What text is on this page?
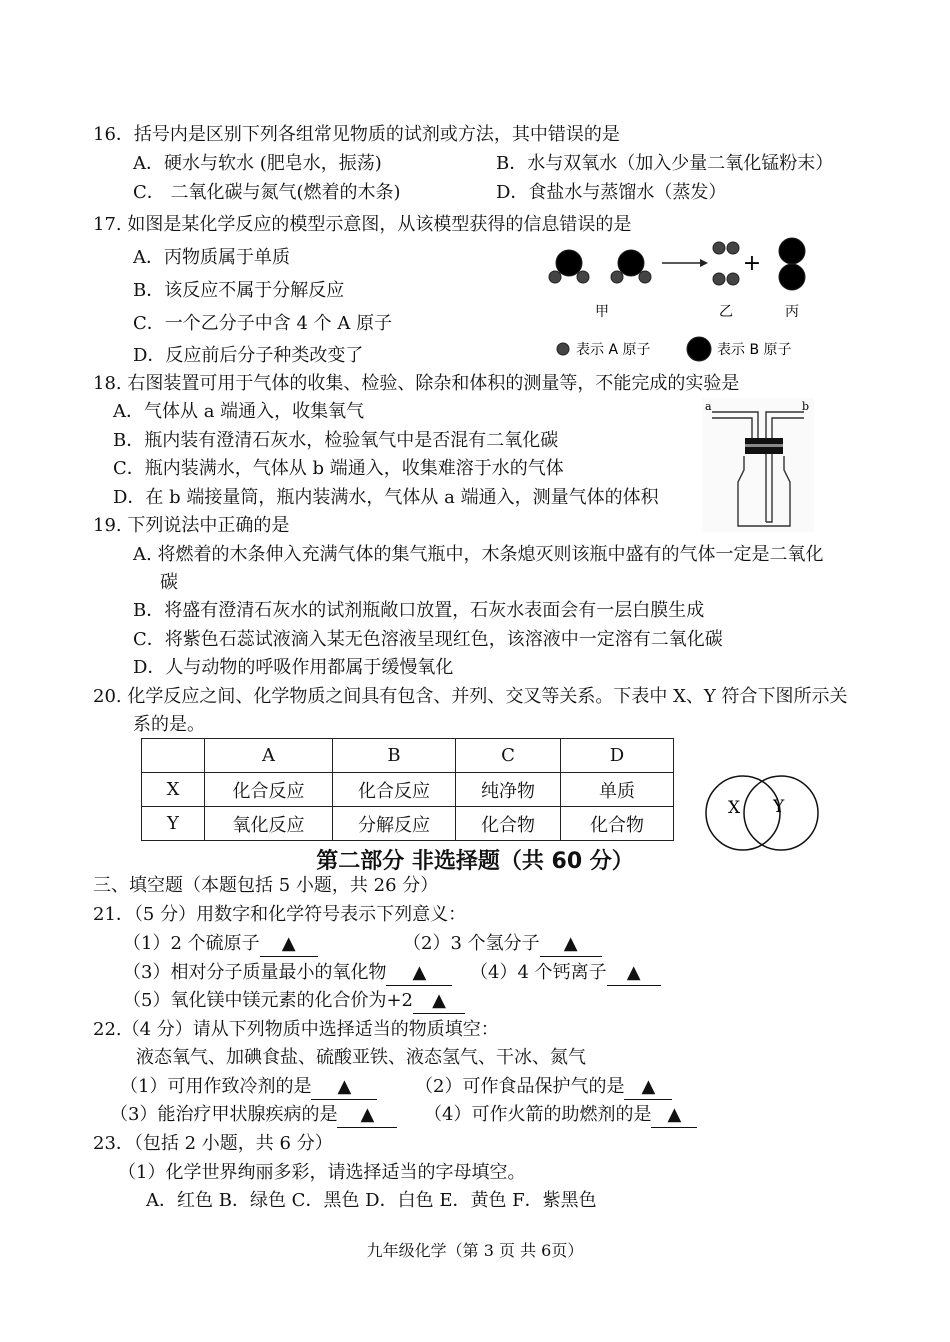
16．括号内是区别下列各组常见物质的试剂或方法，其中错误的是
A．硬水与软水 (肥皂水，振荡)	B．水与双氧水（加入少量二氧化锰粉末）
C． 二氧化碳与氮气(燃着的木条)	D．食盐水与蒸馏水（蒸发）
17. 如图是某化学反应的模型示意图，从该模型获得的信息错误的是
A．丙物质属于单质
B．该反应不属于分解反应
C．一个乙分子中含 4 个 A 原子
D．反应前后分子种类改变了
+
甲	乙	丙
表示 A 原子	表示 B 原子
18. 右图装置可用于气体的收集、检验、除杂和体积的测量等，不能完成的实验是
A．气体从 a 端通入，收集氧气
B．瓶内装有澄清石灰水，检验氧气中是否混有二氧化碳
C．瓶内装满水，气体从 b 端通入，收集难溶于水的气体
D．在 b 端接量筒，瓶内装满水，气体从 a 端通入，测量气体的体积
a	b
19. 下列说法中正确的是
A. 将燃着的木条伸入充满气体的集气瓶中，木条熄灭则该瓶中盛有的气体一定是二氧化
碳
B．将盛有澄清石灰水的试剂瓶敞口放置，石灰水表面会有一层白膜生成
C．将紫色石蕊试液滴入某无色溶液呈现红色，该溶液中一定溶有二氧化碳
D．人与动物的呼吸作用都属于缓慢氧化
20. 化学反应之间、化学物质之间具有包含、并列、交叉等关系。下表中 X、Y 符合下图所示关
系的是。
	A	B	C	D
X	化合反应	化合反应	纯净物	单质
Y	氧化反应	分解反应	化合物	化合物
X Y
第二部分 非选择题（共 60 分）
三、填空题（本题包括 5 小题，共 26 分）
21．（5 分）用数字和化学符号表示下列意义：
（1）2 个硫原子 ▲	（2）3 个氢分子 ▲
（3）相对分子质量最小的氧化物 ▲	（4）4 个钙离子 ▲
（5）氧化镁中镁元素的化合价为+2 ▲
22.（4 分）请从下列物质中选择适当的物质填空：
液态氧气、加碘食盐、硫酸亚铁、液态氢气、干冰、氮气
（1）可用作致冷剂的是 ▲	（2）可作食品保护气的是 ▲
（3）能治疗甲状腺疾病的是 ▲	（4）可作火箭的助燃剂的是 ▲
23．（包括 2 小题，共 6 分）
（1）化学世界绚丽多彩，请选择适当的字母填空。
A．红色 B．绿色 C．黑色 D．白色 E．黄色 F．紫黑色
九年级化学（第 3 页 共 6页）
